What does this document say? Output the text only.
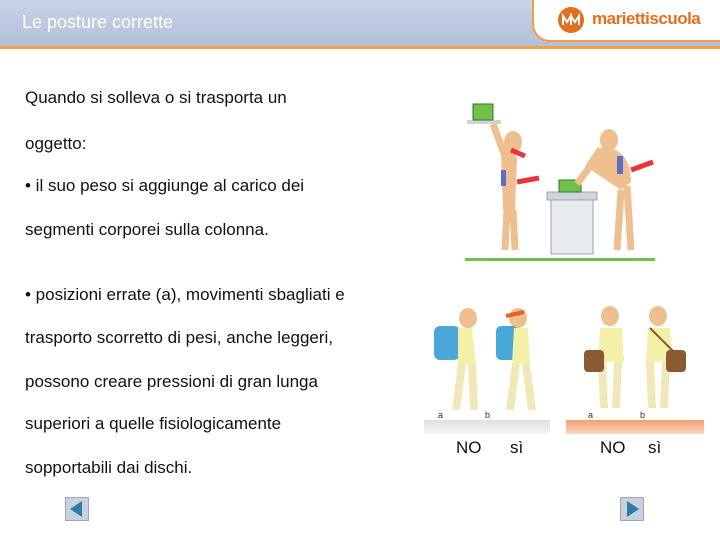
Le posture corrette	mariettiscuola
Quando si solleva o si trasporta un
oggetto:
• il suo peso si aggiunge al carico dei
segmenti corporei sulla colonna.
• posizioni errate (a), movimenti sbagliati e
trasporto scorretto di pesi, anche leggeri,
possono creare pressioni di gran lunga
superiori a quelle fisiologicamente
sopportabili dai dischi.
a	b	a	b
NO sì	NO sì
